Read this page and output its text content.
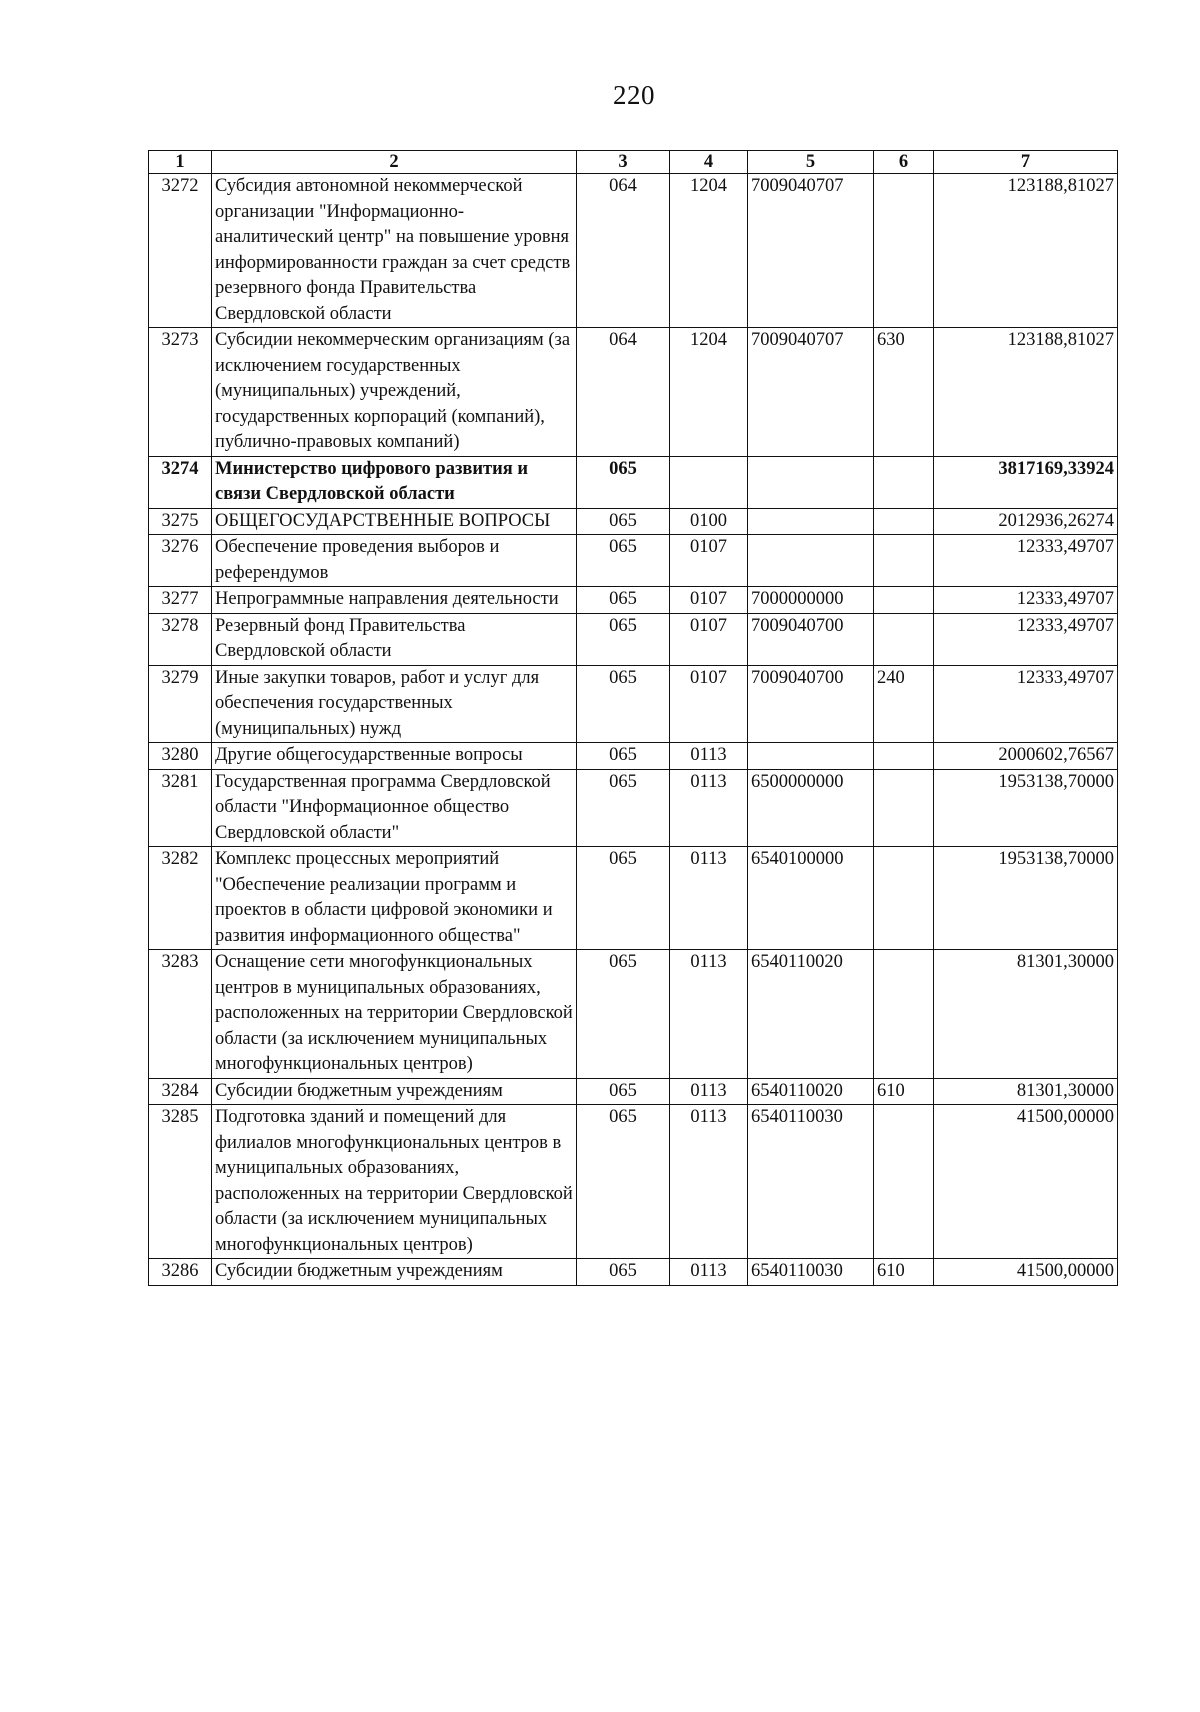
220
1	2	3	4	5	6	7
3272	Субсидия автономной некоммерческой организации "Информационно-аналитический центр" на повышение уровня информированности граждан за счет средств резервного фонда Правительства Свердловской области	064	1204	7009040707		123188,81027
3273	Субсидии некоммерческим организациям (за исключением государственных (муниципальных) учреждений, государственных корпораций (компаний), публично-правовых компаний)	064	1204	7009040707	630	123188,81027
3274	Министерство цифрового развития и связи Свердловской области	065				3817169,33924
3275	ОБЩЕГОСУДАРСТВЕННЫЕ ВОПРОСЫ	065	0100			2012936,26274
3276	Обеспечение проведения выборов и референдумов	065	0107			12333,49707
3277	Непрограммные направления деятельности	065	0107	7000000000		12333,49707
3278	Резервный фонд Правительства Свердловской области	065	0107	7009040700		12333,49707
3279	Иные закупки товаров, работ и услуг для обеспечения государственных (муниципальных) нужд	065	0107	7009040700	240	12333,49707
3280	Другие общегосударственные вопросы	065	0113			2000602,76567
3281	Государственная программа Свердловской области "Информационное общество Свердловской области"	065	0113	6500000000		1953138,70000
3282	Комплекс процессных мероприятий "Обеспечение реализации программ и проектов в области цифровой экономики и развития информационного общества"	065	0113	6540100000		1953138,70000
3283	Оснащение сети многофункциональных центров в муниципальных образованиях, расположенных на территории Свердловской области (за исключением муниципальных многофункциональных центров)	065	0113	6540110020		81301,30000
3284	Субсидии бюджетным учреждениям	065	0113	6540110020	610	81301,30000
3285	Подготовка зданий и помещений для филиалов многофункциональных центров в муниципальных образованиях, расположенных на территории Свердловской области (за исключением муниципальных многофункциональных центров)	065	0113	6540110030		41500,00000
3286	Субсидии бюджетным учреждениям	065	0113	6540110030	610	41500,00000
